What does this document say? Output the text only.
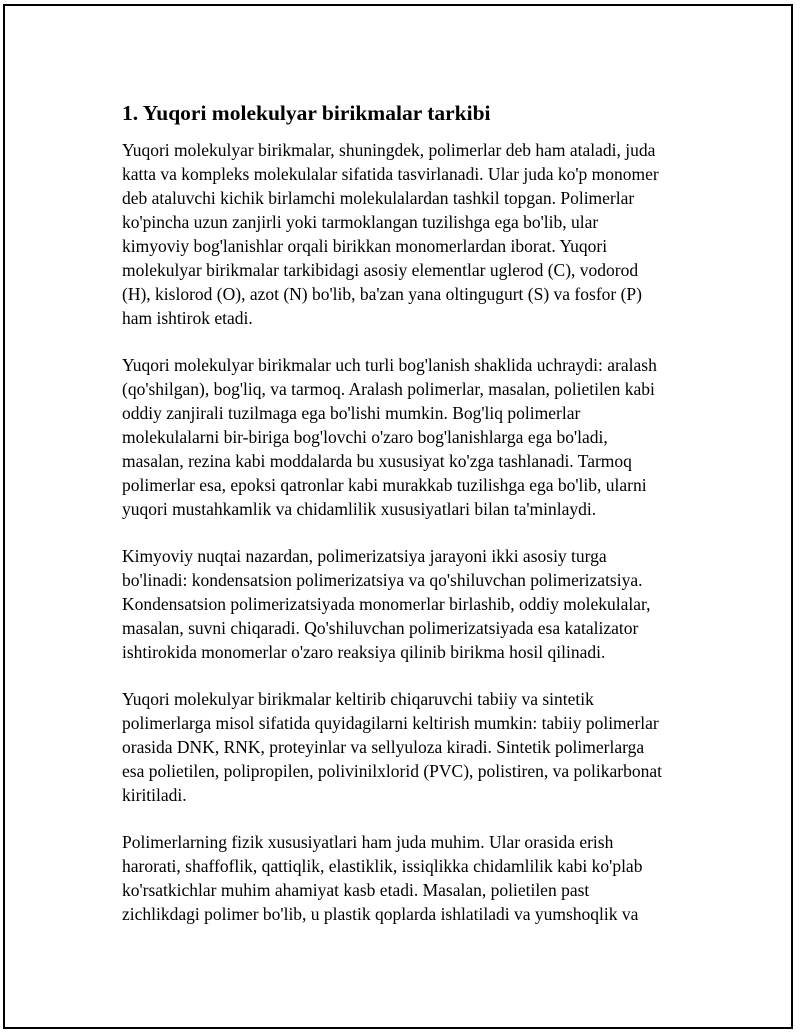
1. Yuqori molekulyar birikmalar tarkibi

Yuqori molekulyar birikmalar, shuningdek, polimerlar deb ham ataladi, juda
katta va kompleks molekulalar sifatida tasvirlanadi. Ular juda ko'p monomer
deb ataluvchi kichik birlamchi molekulalardan tashkil topgan. Polimerlar
ko'pincha uzun zanjirli yoki tarmoklangan tuzilishga ega bo'lib, ular
kimyoviy bog'lanishlar orqali birikkan monomerlardan iborat. Yuqori
molekulyar birikmalar tarkibidagi asosiy elementlar uglerod (C), vodorod
(H), kislorod (O), azot (N) bo'lib, ba'zan yana oltingugurt (S) va fosfor (P)
ham ishtirok etadi.

Yuqori molekulyar birikmalar uch turli bog'lanish shaklida uchraydi: aralash
(qo'shilgan), bog'liq, va tarmoq. Aralash polimerlar, masalan, polietilen kabi
oddiy zanjirali tuzilmaga ega bo'lishi mumkin. Bog'liq polimerlar
molekulalarni bir-biriga bog'lovchi o'zaro bog'lanishlarga ega bo'ladi,
masalan, rezina kabi moddalarda bu xususiyat ko'zga tashlanadi. Tarmoq
polimerlar esa, epoksi qatronlar kabi murakkab tuzilishga ega bo'lib, ularni
yuqori mustahkamlik va chidamlilik xususiyatlari bilan ta'minlaydi.

Kimyoviy nuqtai nazardan, polimerizatsiya jarayoni ikki asosiy turga
bo'linadi: kondensatsion polimerizatsiya va qo'shiluvchan polimerizatsiya.
Kondensatsion polimerizatsiyada monomerlar birlashib, oddiy molekulalar,
masalan, suvni chiqaradi. Qo'shiluvchan polimerizatsiyada esa katalizator
ishtirokida monomerlar o'zaro reaksiya qilinib birikma hosil qilinadi.

Yuqori molekulyar birikmalar keltirib chiqaruvchi tabiiy va sintetik
polimerlarga misol sifatida quyidagilarni keltirish mumkin: tabiiy polimerlar
orasida DNK, RNK, proteyinlar va sellyuloza kiradi. Sintetik polimerlarga
esa polietilen, polipropilen, polivinilxlorid (PVC), polistiren, va polikarbonat
kiritiladi.

Polimerlarning fizik xususiyatlari ham juda muhim. Ular orasida erish
harorati, shaffoflik, qattiqlik, elastiklik, issiqlikka chidamlilik kabi ko'plab
ko'rsatkichlar muhim ahamiyat kasb etadi. Masalan, polietilen past
zichlikdagi polimer bo'lib, u plastik qoplarda ishlatiladi va yumshoqlik va
